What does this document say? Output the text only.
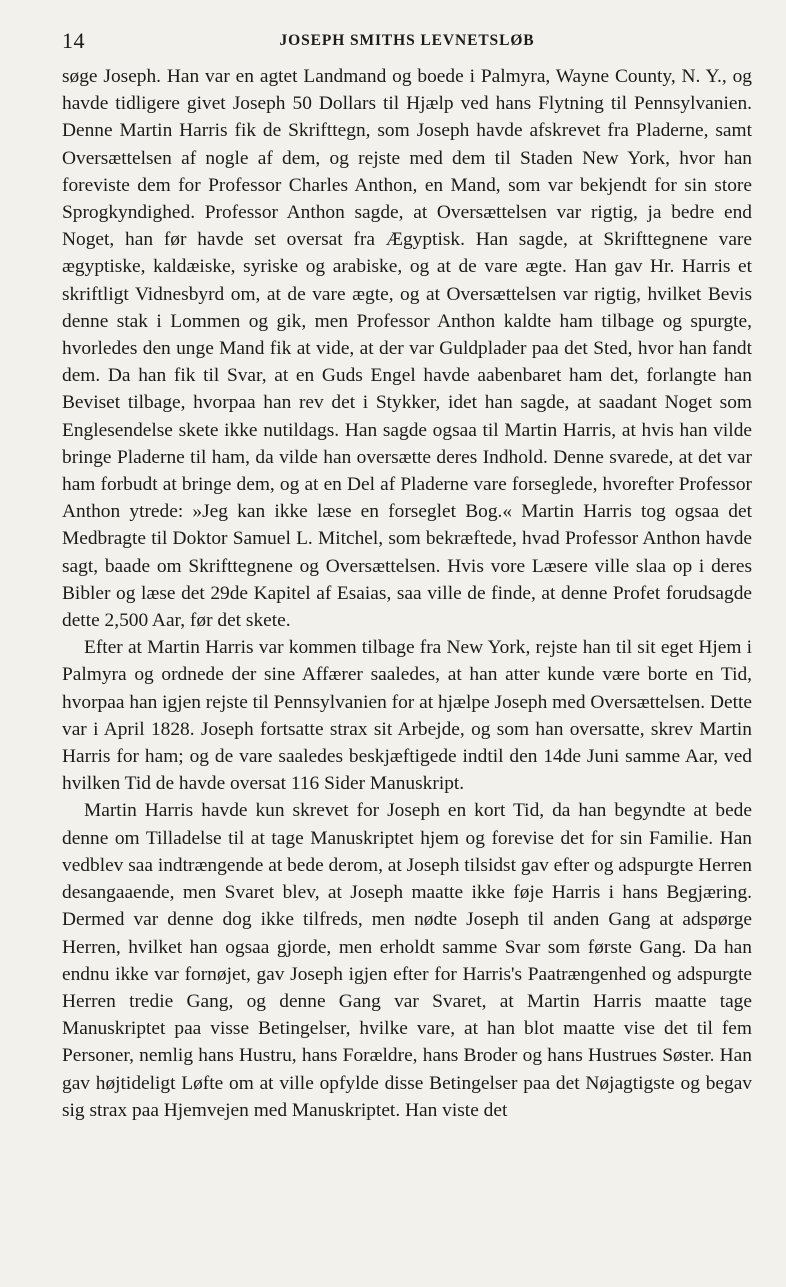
14	JOSEPH SMITHS LEVNETSLØB

søge Joseph. Han var en agtet Landmand og boede i Palmyra, Wayne County, N. Y., og havde tidligere givet Joseph 50 Dollars til Hjælp ved hans Flytning til Pennsylvanien. Denne Martin Harris fik de Skrifttegn, som Joseph havde afskrevet fra Pladerne, samt Oversættelsen af nogle af dem, og rejste med dem til Staden New York, hvor han foreviste dem for Professor Charles Anthon, en Mand, som var bekjendt for sin store Sprogkyndighed. Professor Anthon sagde, at Oversættelsen var rigtig, ja bedre end Noget, han før havde set oversat fra Ægyptisk. Han sagde, at Skrifttegnene vare ægyptiske, kaldæiske, syriske og arabiske, og at de vare ægte. Han gav Hr. Harris et skriftligt Vidnesbyrd om, at de vare ægte, og at Oversættelsen var rigtig, hvilket Bevis denne stak i Lommen og gik, men Professor Anthon kaldte ham tilbage og spurgte, hvorledes den unge Mand fik at vide, at der var Guldplader paa det Sted, hvor han fandt dem. Da han fik til Svar, at en Guds Engel havde aabenbaret ham det, forlangte han Beviset tilbage, hvorpaa han rev det i Stykker, idet han sagde, at saadant Noget som Englesendelse skete ikke nutildags. Han sagde ogsaa til Martin Harris, at hvis han vilde bringe Pladerne til ham, da vilde han oversætte deres Indhold. Denne svarede, at det var ham forbudt at bringe dem, og at en Del af Pladerne vare forseglede, hvorefter Professor Anthon ytrede: »Jeg kan ikke læse en forseglet Bog.« Martin Harris tog ogsaa det Medbragte til Doktor Samuel L. Mitchel, som bekræftede, hvad Professor Anthon havde sagt, baade om Skrifttegnene og Oversættelsen. Hvis vore Læsere ville slaa op i deres Bibler og læse det 29de Kapitel af Esaias, saa ville de finde, at denne Profet forudsagde dette 2,500 Aar, før det skete.

Efter at Martin Harris var kommen tilbage fra New York, rejste han til sit eget Hjem i Palmyra og ordnede der sine Affærer saaledes, at han atter kunde være borte en Tid, hvorpaa han igjen rejste til Pennsylvanien for at hjælpe Joseph med Oversættelsen. Dette var i April 1828. Joseph fortsatte strax sit Arbejde, og som han oversatte, skrev Martin Harris for ham; og de vare saaledes beskjæftigede indtil den 14de Juni samme Aar, ved hvilken Tid de havde oversat 116 Sider Manuskript.

Martin Harris havde kun skrevet for Joseph en kort Tid, da han begyndte at bede denne om Tilladelse til at tage Manuskriptet hjem og forevise det for sin Familie. Han vedblev saa indtrængende at bede derom, at Joseph tilsidst gav efter og adspurgte Herren desangaaende, men Svaret blev, at Joseph maatte ikke føje Harris i hans Begjæring. Dermed var denne dog ikke tilfreds, men nødte Joseph til anden Gang at adspørge Herren, hvilket han ogsaa gjorde, men erholdt samme Svar som første Gang. Da han endnu ikke var fornøjet, gav Joseph igjen efter for Harris's Paatrængenhed og adspurgte Herren tredie Gang, og denne Gang var Svaret, at Martin Harris maatte tage Manuskriptet paa visse Betingelser, hvilke vare, at han blot maatte vise det til fem Personer, nemlig hans Hustru, hans Forældre, hans Broder og hans Hustrues Søster. Han gav højtideligt Løfte om at ville opfylde disse Betingelser paa det Nøjagtigste og begav sig strax paa Hjemvejen med Manuskriptet. Han viste det
